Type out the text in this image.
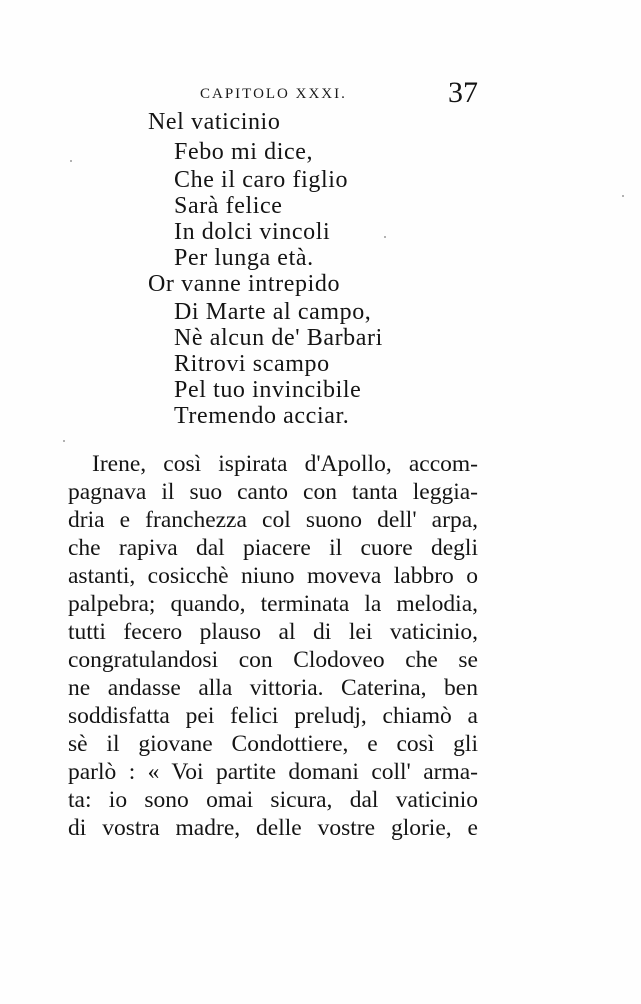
CAPITOLO XXXI.	37
Nel vaticinio
Febo mi dice,
Che il caro figlio
Sarà felice
In dolci vincoli
Per lunga età.
Or vanne intrepido
Di Marte al campo,
Nè alcun de' Barbari
Ritrovi scampo
Pel tuo invincibile
Tremendo acciar.
Irene, così ispirata d'Apollo, accom-
pagnava il suo canto con tanta leggia-
dria e franchezza col suono dell' arpa,
che rapiva dal piacere il cuore degli
astanti, cosicchè niuno moveva labbro o
palpebra; quando, terminata la melodia,
tutti fecero plauso al di lei vaticinio,
congratulandosi con Clodoveo che se
ne andasse alla vittoria. Caterina, ben
soddisfatta pei felici preludj, chiamò a
sè il giovane Condottiere, e così gli
parlò : « Voi partite domani coll' arma-
ta: io sono omai sicura, dal vaticinio
di vostra madre, delle vostre glorie, e
